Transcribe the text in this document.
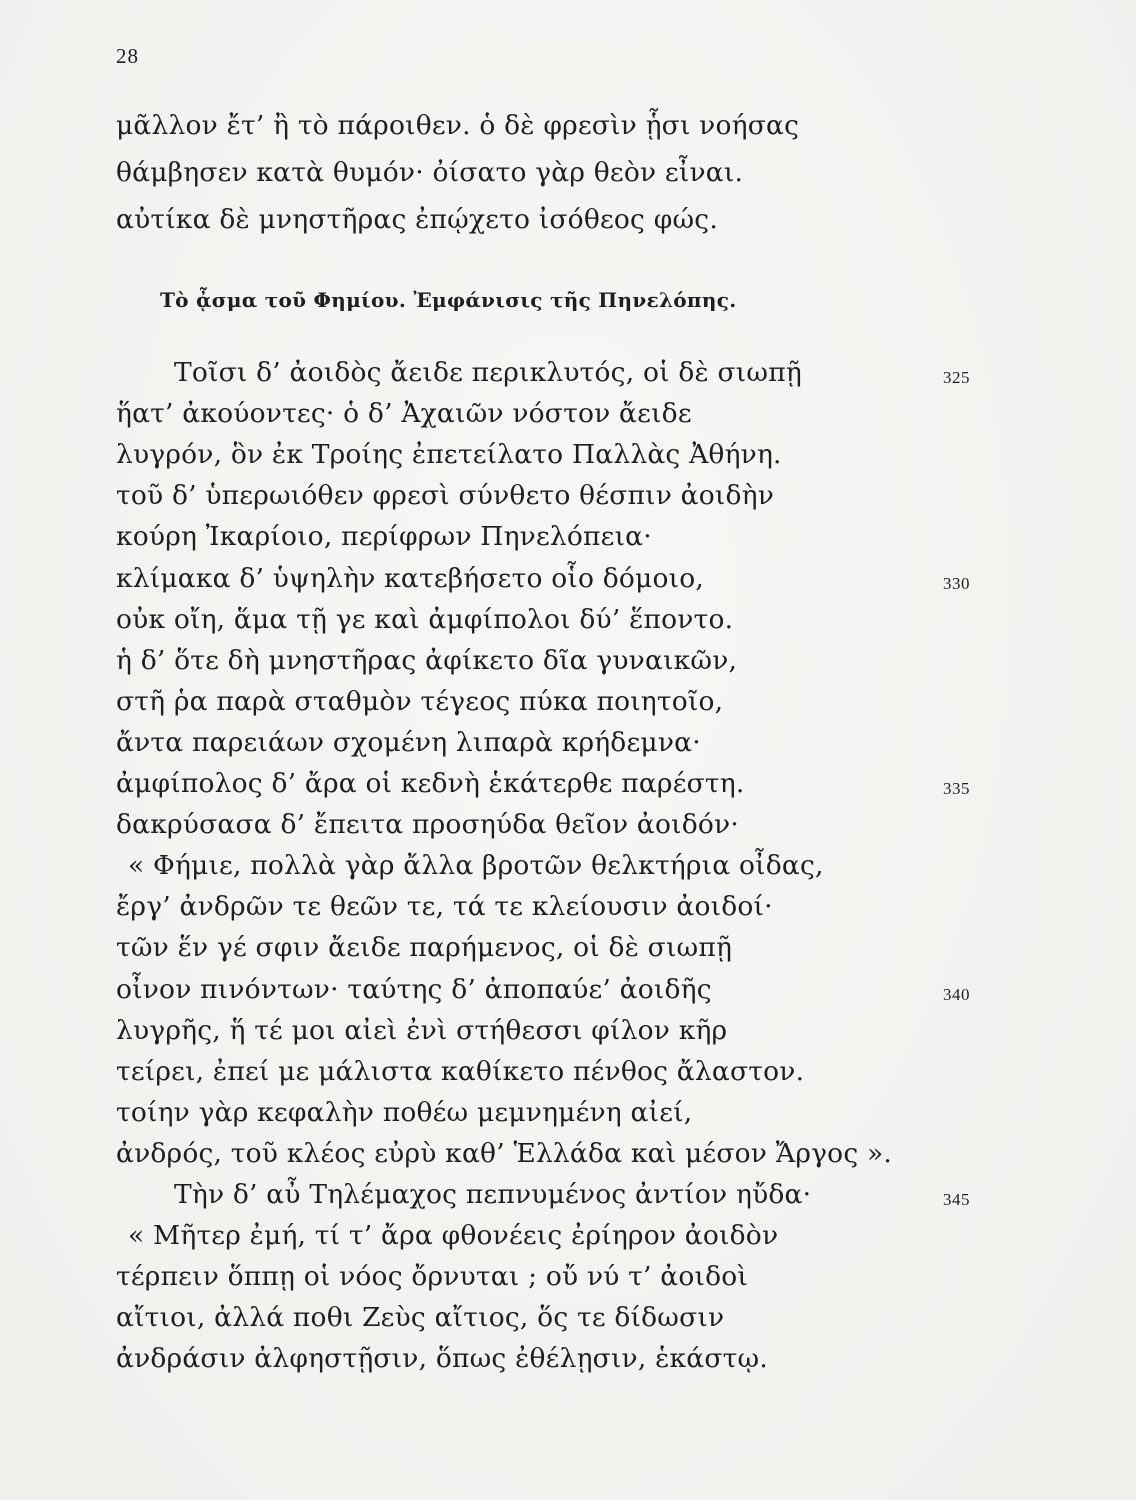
28
μᾶλλον ἔτ’ ἢ τὸ πάροιθεν. ὁ δὲ φρεσὶν ᾗσι νοήσας
θάμβησεν κατὰ θυμόν· ὀίσατο γὰρ θεὸν εἶναι.
αὐτίκα δὲ μνηστῆρας ἐπῴχετο ἰσόθεος φώς.
Τὸ ᾆσμα τοῦ Φημίου. Ἐμφάνισις τῆς Πηνελόπης.
Τοῖσι δ’ ἀοιδὸς ἄειδε περικλυτός, οἱ δὲ σιωπῇ
ἥατ’ ἀκούοντες· ὁ δ’ Ἀχαιῶν νόστον ἄειδε
λυγρόν, ὃν ἐκ Τροίης ἐπετείλατο Παλλὰς Ἀθήνη.
τοῦ δ’ ὑπερωιόθεν φρεσὶ σύνθετο θέσπιν ἀοιδὴν
κούρη Ἰκαρίοιο, περίφρων Πηνελόπεια·
κλίμακα δ’ ὑψηλὴν κατεβήσετο οἷο δόμοιο,
οὐκ οἴη, ἅμα τῇ γε καὶ ἀμφίπολοι δύ’ ἕποντο.
ἡ δ’ ὅτε δὴ μνηστῆρας ἀφίκετο δῖα γυναικῶν,
στῆ ῥα παρὰ σταθμὸν τέγεος πύκα ποιητοῖο,
ἄντα παρειάων σχομένη λιπαρὰ κρήδεμνα·
ἀμφίπολος δ’ ἄρα οἱ κεδνὴ ἑκάτερθε παρέστη.
δακρύσασα δ’ ἔπειτα προσηύδα θεῖον ἀοιδόν·
« Φήμιε, πολλὰ γὰρ ἄλλα βροτῶν θελκτήρια οἶδας,
ἔργ’ ἀνδρῶν τε θεῶν τε, τά τε κλείουσιν ἀοιδοί·
τῶν ἕν γέ σφιν ἄειδε παρήμενος, οἱ δὲ σιωπῇ
οἶνον πινόντων· ταύτης δ’ ἀποπαύε’ ἀοιδῆς
λυγρῆς, ἥ τέ μοι αἰεὶ ἐνὶ στήθεσσι φίλον κῆρ
τείρει, ἐπεί με μάλιστα καθίκετο πένθος ἄλαστον.
τοίην γὰρ κεφαλὴν ποθέω μεμνημένη αἰεί,
ἀνδρός, τοῦ κλέος εὐρὺ καθ’ Ἑλλάδα καὶ μέσον Ἄργος ».
Τὴν δ’ αὖ Τηλέμαχος πεπνυμένος ἀντίον ηὔδα·
« Μῆτερ ἐμή, τί τ’ ἄρα φθονέεις ἐρίηρον ἀοιδὸν
τέρπειν ὅππῃ οἱ νόος ὄρνυται ; οὔ νύ τ’ ἀοιδοὶ
αἴτιοι, ἀλλά ποθι Ζεὺς αἴτιος, ὅς τε δίδωσιν
ἀνδράσιν ἀλφηστῇσιν, ὅπως ἐθέλῃσιν, ἑκάστῳ.
325
330
335
340
345
